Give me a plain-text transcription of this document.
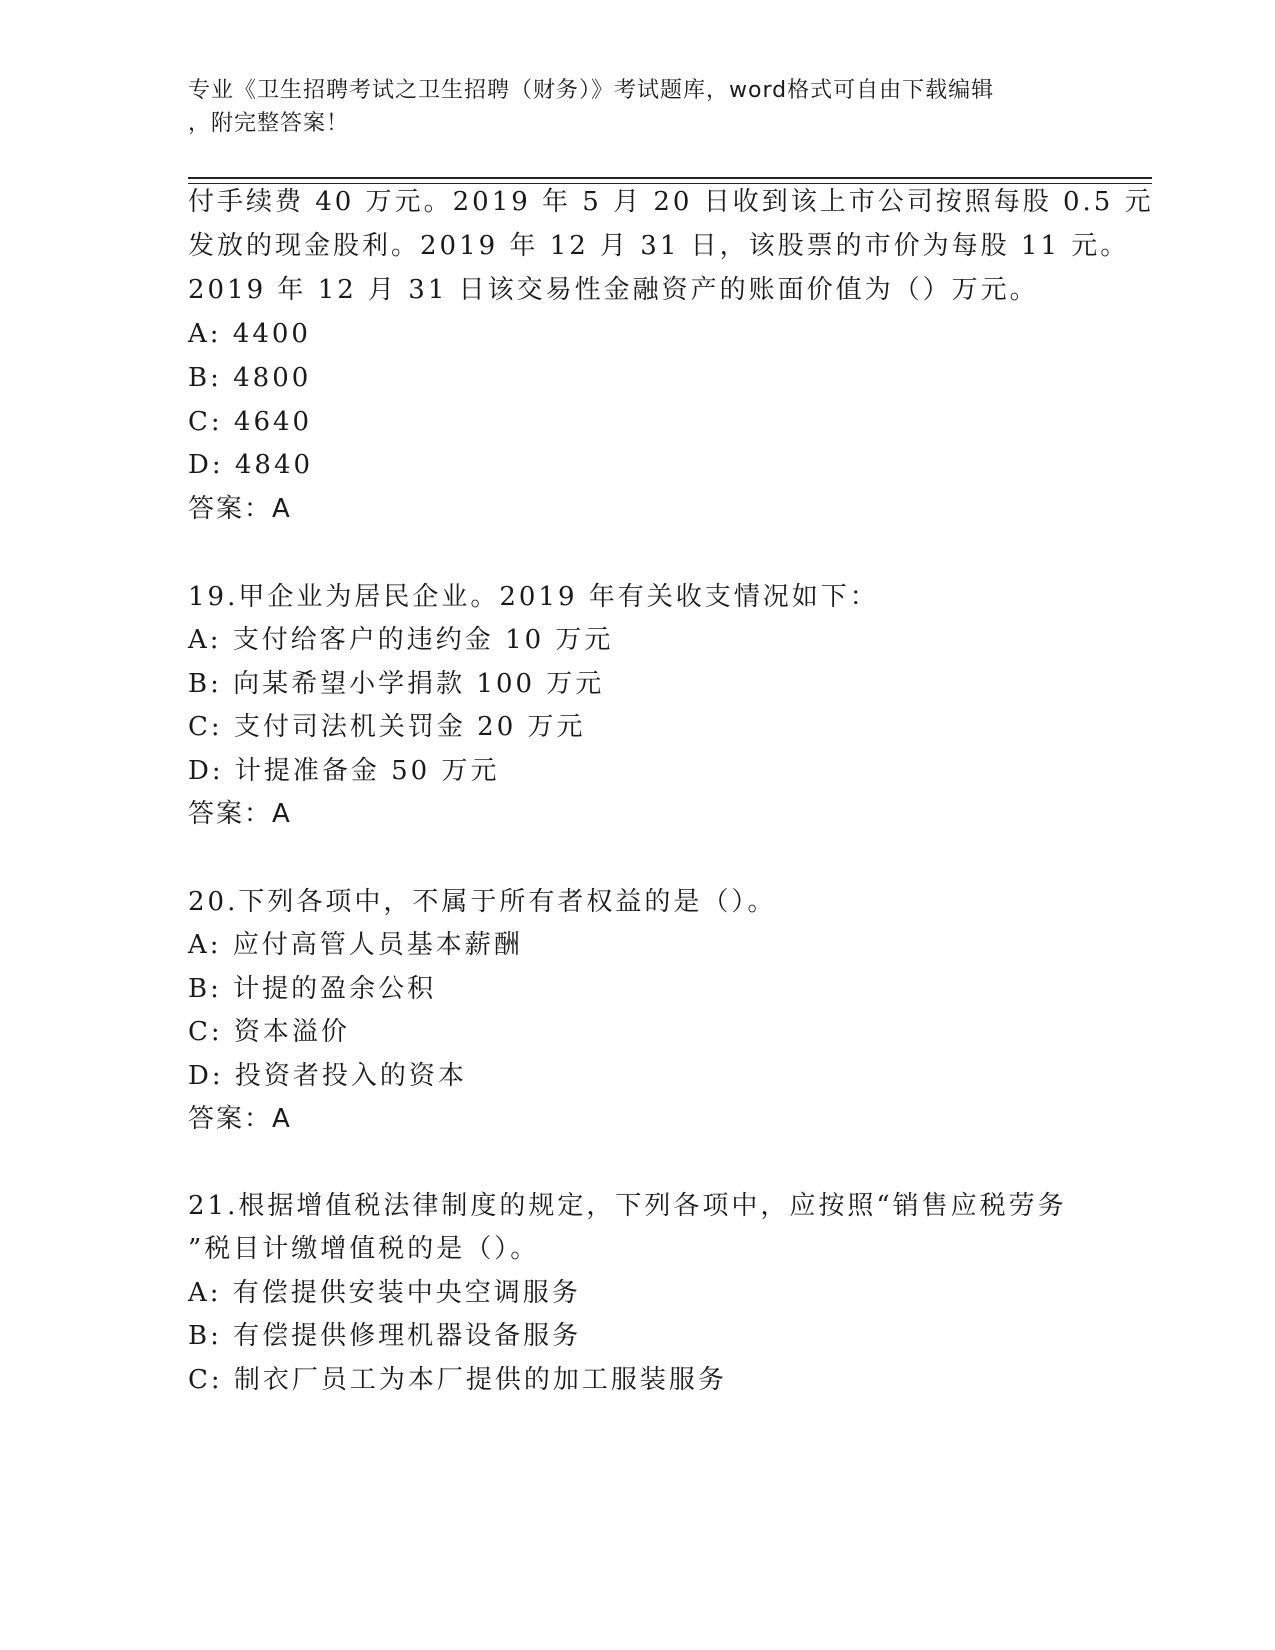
专业《卫生招聘考试之卫生招聘（财务）》考试题库，word格式可自由下载编辑
，附完整答案！
付手续费 40 万元。2019 年 5 月 20 日收到该上市公司按照每股 0.5 元
发放的现金股利。2019 年 12 月 31 日，该股票的市价为每股 11 元。
2019 年 12 月 31 日该交易性金融资产的账面价值为（）万元。
A: 4400
B: 4800
C: 4640
D: 4840
答案：A
19.甲企业为居民企业。2019 年有关收支情况如下：
A: 支付给客户的违约金 10 万元
B: 向某希望小学捐款 100 万元
C: 支付司法机关罚金 20 万元
D: 计提准备金 50 万元
答案：A
20.下列各项中，不属于所有者权益的是（）。
A: 应付高管人员基本薪酬
B: 计提的盈余公积
C: 资本溢价
D: 投资者投入的资本
答案：A
21.根据增值税法律制度的规定，下列各项中，应按照“销售应税劳务
”税目计缴增值税的是（）。
A: 有偿提供安装中央空调服务
B: 有偿提供修理机器设备服务
C: 制衣厂员工为本厂提供的加工服装服务
